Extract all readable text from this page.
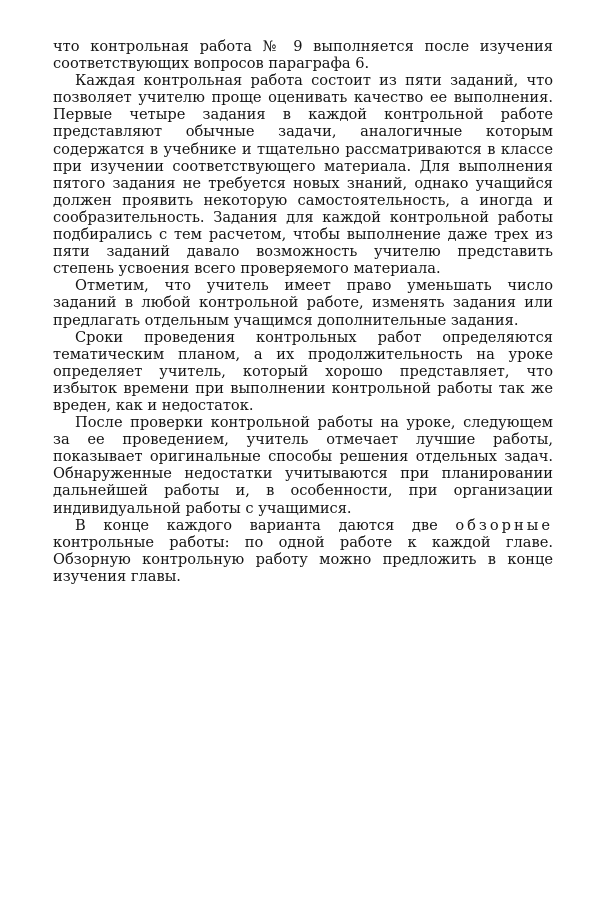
что контрольная работа № 9 выполняется после изучения соответствующих вопросов параграфа 6.

Каждая контрольная работа состоит из пяти заданий, что позволяет учителю проще оценивать качество ее выполнения. Первые четыре задания в каждой контрольной работе представляют обычные задачи, аналогичные которым содержатся в учебнике и тщательно рассматриваются в классе при изучении соответствующего материала. Для выполнения пятого задания не требуется новых знаний, однако учащийся должен проявить некоторую самостоятельность, а иногда и сообразительность. Задания для каждой контрольной работы подбирались с тем расчетом, чтобы выполнение даже трех из пяти заданий давало возможность учителю представить степень усвоения всего проверяемого материала.

Отметим, что учитель имеет право уменьшать число заданий в любой контрольной работе, изменять задания или предлагать отдельным учащимся дополнительные задания.

Сроки проведения контрольных работ определяются тематическим планом, а их продолжительность на уроке определяет учитель, который хорошо представляет, что избыток времени при выполнении контрольной работы так же вреден, как и недостаток.

После проверки контрольной работы на уроке, следующем за ее проведением, учитель отмечает лучшие работы, показывает оригинальные способы решения отдельных задач. Обнаруженные недостатки учитываются при планировании дальнейшей работы и, в особенности, при организации индивидуальной работы с учащимися.

В конце каждого варианта даются две обзорные контрольные работы: по одной работе к каждой главе. Обзорную контрольную работу можно предложить в конце изучения главы.
